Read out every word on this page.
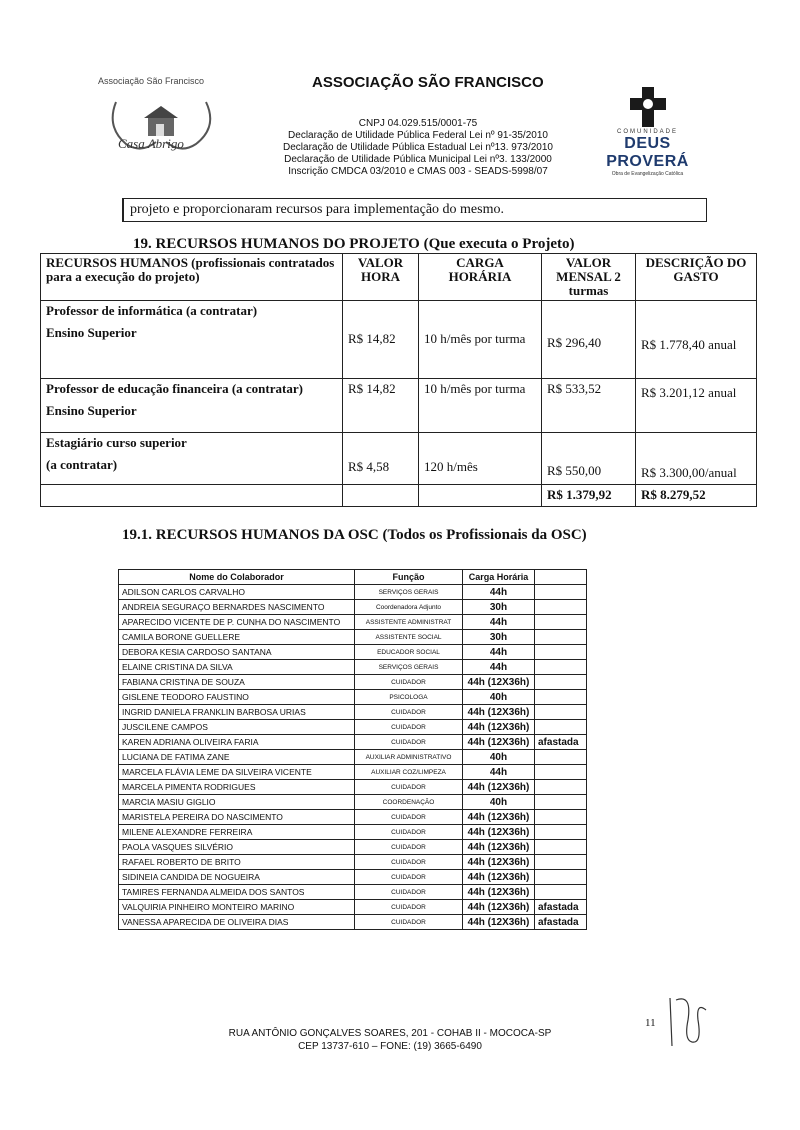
Associação São Francisco
Casa Abrigo
ASSOCIAÇÃO SÃO FRANCISCO
CNPJ 04.029.515/0001-75
Declaração de Utilidade Pública Federal Lei nº 91-35/2010
Declaração de Utilidade Pública Estadual Lei nº13. 973/2010
Declaração de Utilidade Pública Municipal Lei nº3. 133/2000
Inscrição CMDCA 03/2010 e CMAS 003 - SEADS-5998/07
COMUNIDADE
DEUS PROVERÁ
Obra de Evangelização Católica
projeto e proporcionaram recursos para implementação do mesmo.
19. RECURSOS HUMANOS DO PROJETO (Que executa o Projeto)
RECURSOS HUMANOS (profissionais contratados para a execução do projeto)	VALOR HORA	CARGA HORÁRIA	VALOR MENSAL 2 turmas	DESCRIÇÃO DO GASTO

Professor de informática (a contratar)
Ensino Superior	R$ 14,82	10 h/mês por turma	R$ 296,40	R$ 1.778,40 anual

Professor de educação financeira (a contratar)
Ensino Superior	R$ 14,82	10 h/mês por turma	R$ 533,52	R$ 3.201,12 anual

Estagiário curso superior
(a contratar)	R$ 4,58	120 h/mês	R$ 550,00	R$ 3.300,00/anual
			R$ 1.379,92	R$ 8.279,52
19.1. RECURSOS HUMANOS DA OSC (Todos os Profissionais da OSC)
Nome do Colaborador	Função	Carga Horária	
ADILSON CARLOS CARVALHO	SERVIÇOS GERAIS	44h	
ANDREIA SEGURAÇO BERNARDES NASCIMENTO	Coordenadora Adjunto	30h	
APARECIDO VICENTE DE P. CUNHA DO NASCIMENTO	ASSISTENTE ADMINISTRAT	44h	
CAMILA BORONE GUELLERE	ASSISTENTE SOCIAL	30h	
DEBORA KESIA CARDOSO SANTANA	EDUCADOR SOCIAL	44h	
ELAINE CRISTINA DA SILVA	SERVIÇOS GERAIS	44h	
FABIANA CRISTINA DE SOUZA	CUIDADOR	44h (12X36h)	
GISLENE TEODORO FAUSTINO	PSICOLOGA	40h	
INGRID DANIELA FRANKLIN BARBOSA URIAS	CUIDADOR	44h (12X36h)	
JUSCILENE CAMPOS	CUIDADOR	44h (12X36h)	
KAREN ADRIANA OLIVEIRA FARIA	CUIDADOR	44h (12X36h)	afastada
LUCIANA DE FATIMA ZANE	AUXILIAR ADMINISTRATIVO	40h	
MARCELA FLÁVIA LEME DA SILVEIRA VICENTE	AUXILIAR COZ/LIMPEZA	44h	
MARCELA PIMENTA RODRIGUES	CUIDADOR	44h (12X36h)	
MARCIA MASIU GIGLIO	COORDENAÇÃO	40h	
MARISTELA PEREIRA DO NASCIMENTO	CUIDADOR	44h (12X36h)	
MILENE ALEXANDRE FERREIRA	CUIDADOR	44h (12X36h)	
PAOLA VASQUES SILVÉRIO	CUIDADOR	44h (12X36h)	
RAFAEL ROBERTO DE BRITO	CUIDADOR	44h (12X36h)	
SIDINEIA CANDIDA DE NOGUEIRA	CUIDADOR	44h (12X36h)	
TAMIRES FERNANDA ALMEIDA DOS SANTOS	CUIDADOR	44h (12X36h)	
VALQUIRIA PINHEIRO MONTEIRO MARINO	CUIDADOR	44h (12X36h)	afastada
VANESSA APARECIDA DE OLIVEIRA DIAS	CUIDADOR	44h (12X36h)	afastada
RUA ANTÔNIO GONÇALVES SOARES, 201 - COHAB II - MOCOCA-SP
CEP 13737-610 – FONE: (19) 3665-6490
11
